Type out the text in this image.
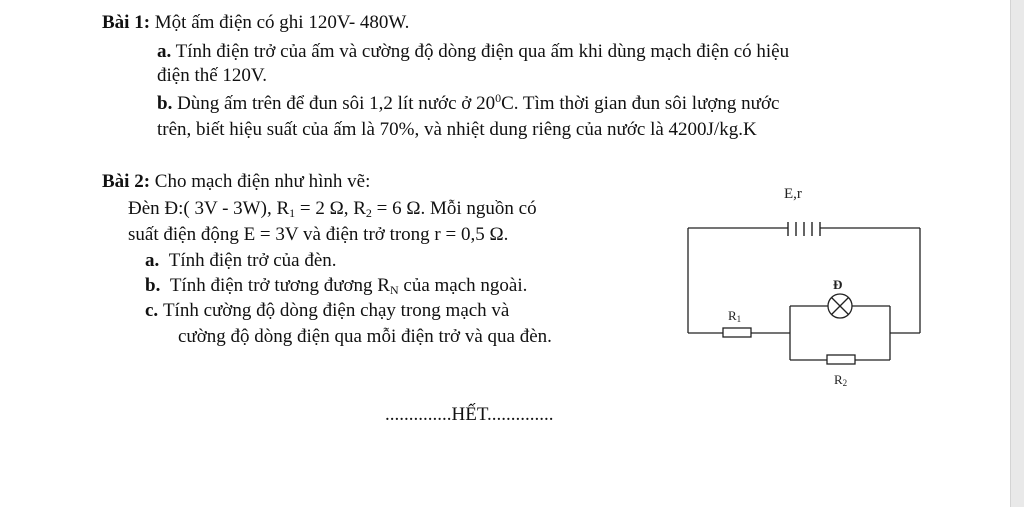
Bài 1: Một ấm điện có ghi 120V- 480W.
a. Tính điện trở của ấm và cường độ dòng điện qua ấm khi dùng mạch điện có hiệu
điện thế 120V.
b. Dùng ấm trên để đun sôi 1,2 lít nước ở $20^0C$. Tìm thời gian đun sôi lượng nước
trên, biết hiệu suất của ấm là 70%, và nhiệt dung riêng của nước là 4200J/kg.K
Bài 2: Cho mạch điện như hình vẽ:
Đèn Đ:( 3V - 3W), $R_1 = 2$ Ω, $R_2 = 6$ Ω. Mỗi nguồn có
suất điện động E = 3V và điện trở trong r = 0,5 Ω.
a. Tính điện trở của đèn.
b. Tính điện trở tương đương $R_N$ của mạch ngoài.
c. Tính cường độ dòng điện chạy trong mạch và
cường độ dòng điện qua mỗi điện trở và qua đèn.
E,r
Đ
R1
R2
..............HẾT..............
